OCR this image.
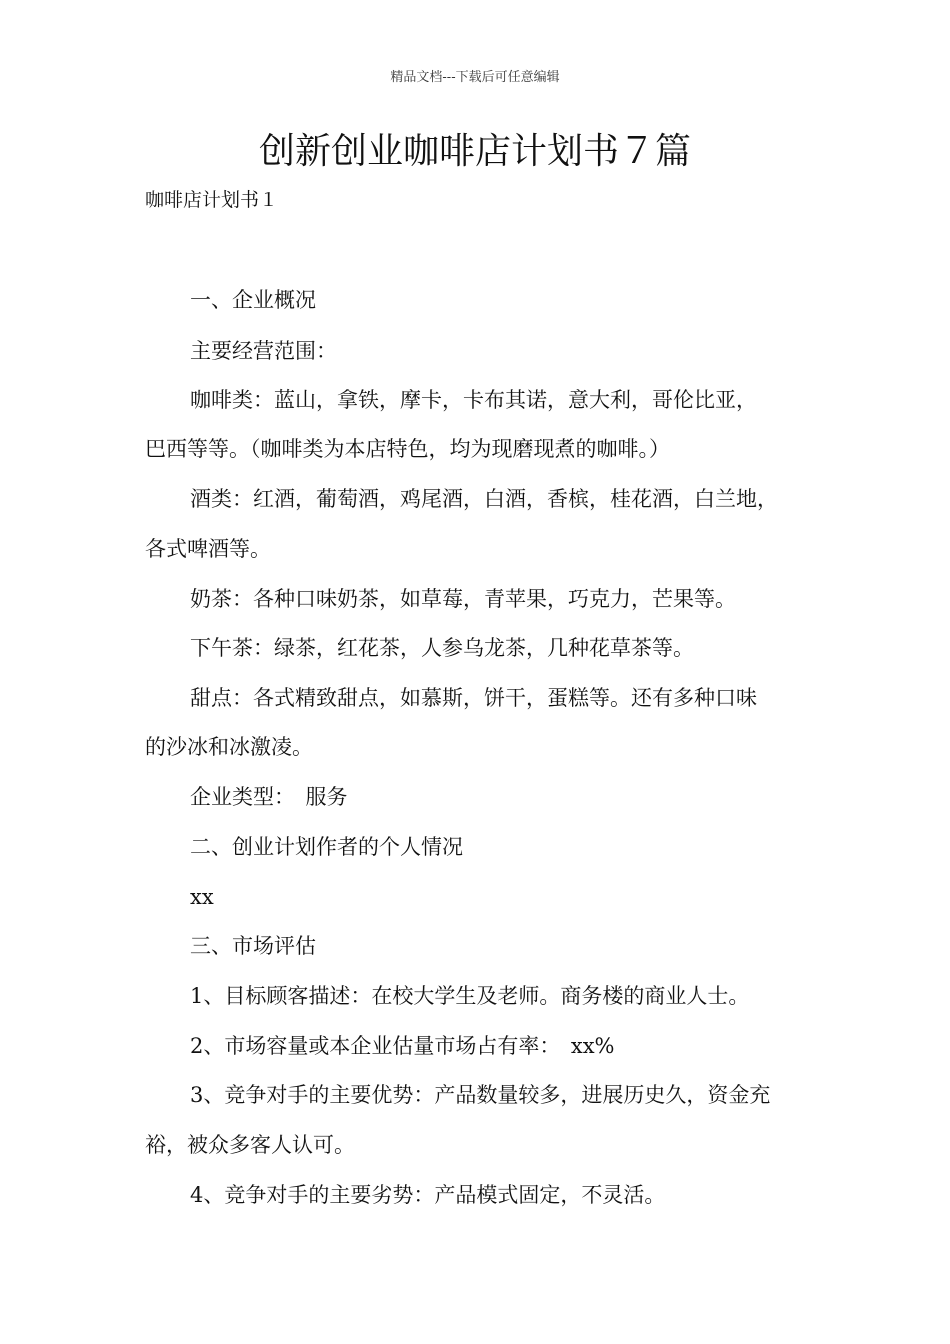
精品文档---下载后可任意编辑
创新创业咖啡店计划书７篇
咖啡店计划书１
一、企业概况
主要经营范围：
咖啡类：蓝山，拿铁，摩卡，卡布其诺，意大利，哥伦比亚，
巴西等等。（咖啡类为本店特色，均为现磨现煮的咖啡。）
酒类：红酒，葡萄酒，鸡尾酒，白酒，香槟，桂花酒，白兰地，
各式啤酒等。
奶茶：各种口味奶茶，如草莓，青苹果，巧克力，芒果等。
下午茶：绿茶，红花茶，人参乌龙茶，几种花草茶等。
甜点：各式精致甜点，如慕斯，饼干，蛋糕等。还有多种口味
的沙冰和冰激凌。
企业类型：　服务
二、创业计划作者的个人情况
xx
三、市场评估
1、目标顾客描述：在校大学生及老师。商务楼的商业人士。
2、市场容量或本企业估量市场占有率：　xx%
3、竞争对手的主要优势：产品数量较多，进展历史久，资金充
裕，被众多客人认可。
4、竞争对手的主要劣势：产品模式固定，不灵活。
